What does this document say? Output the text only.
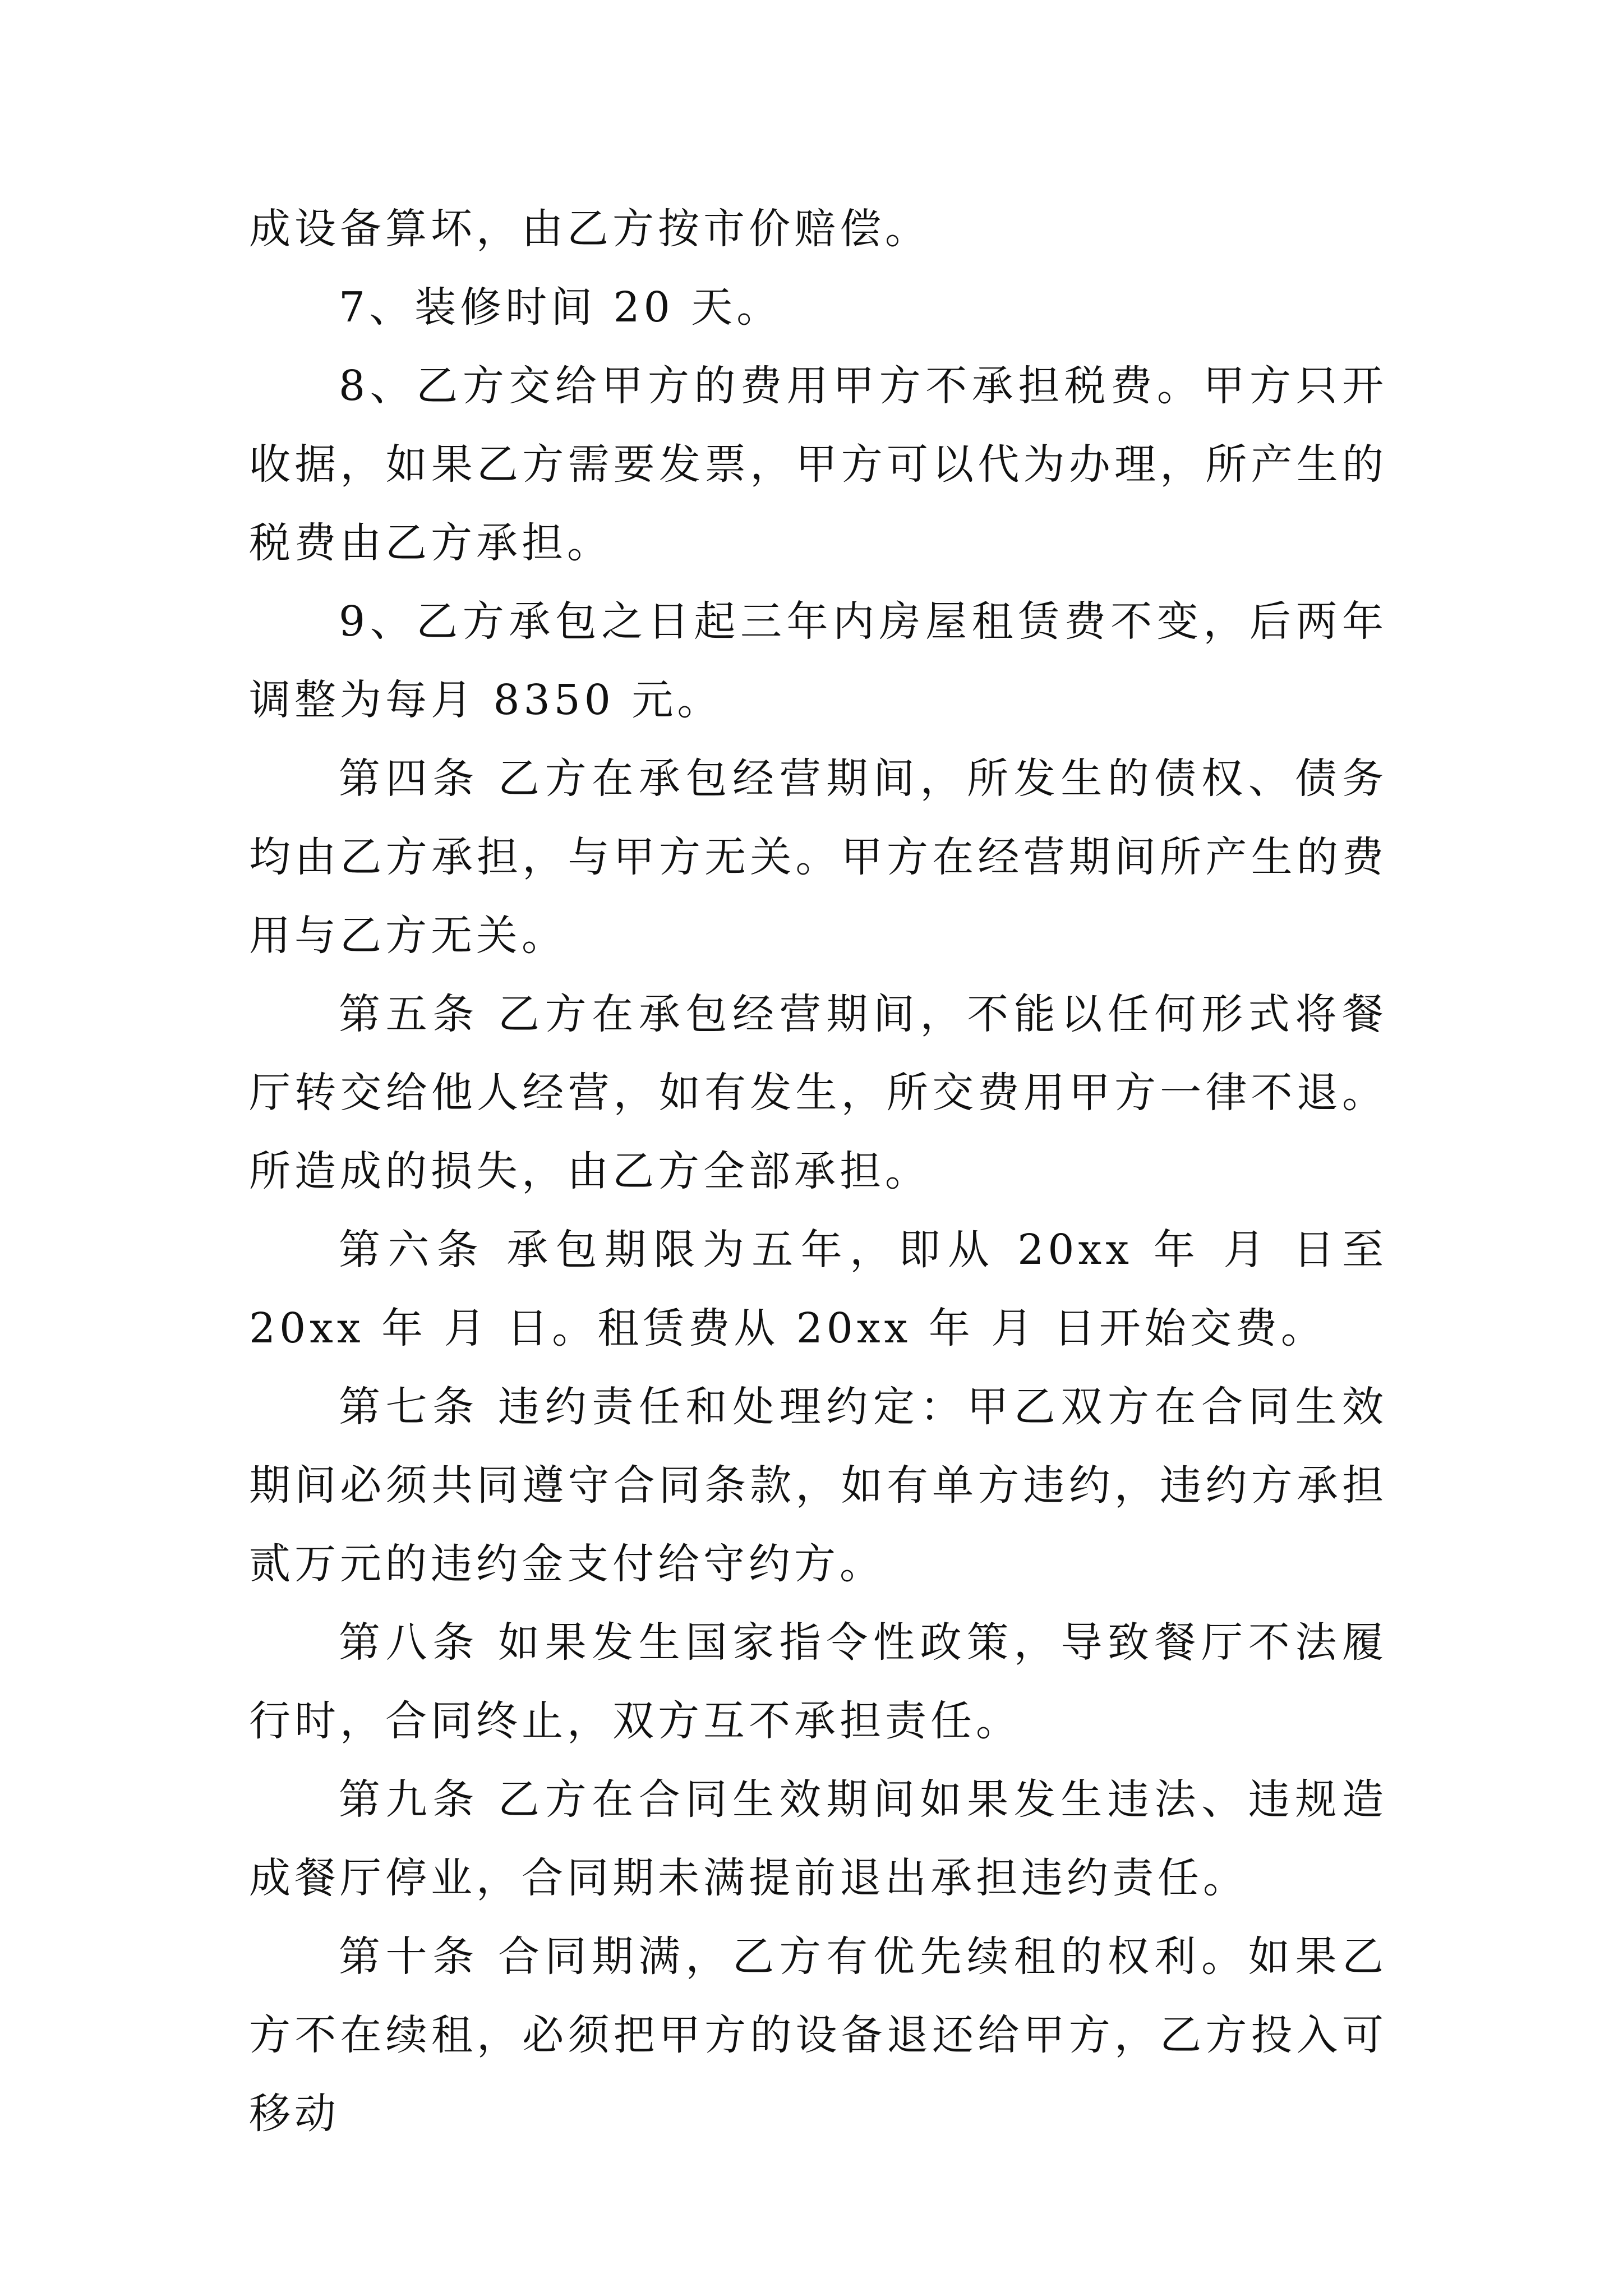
成设备算坏，由乙方按市价赔偿。

7、装修时间 20 天。

8、乙方交给甲方的费用甲方不承担税费。甲方只开收据，如果乙方需要发票，甲方可以代为办理，所产生的税费由乙方承担。

9、乙方承包之日起三年内房屋租赁费不变，后两年调整为每月 8350 元。

第四条 乙方在承包经营期间，所发生的债权、债务均由乙方承担，与甲方无关。甲方在经营期间所产生的费用与乙方无关。

第五条 乙方在承包经营期间，不能以任何形式将餐厅转交给他人经营，如有发生，所交费用甲方一律不退。所造成的损失，由乙方全部承担。

第六条 承包期限为五年，即从 20xx 年 月 日至 20xx 年 月 日。租赁费从 20xx 年 月 日开始交费。

第七条 违约责任和处理约定：甲乙双方在合同生效期间必须共同遵守合同条款，如有单方违约，违约方承担贰万元的违约金支付给守约方。

第八条 如果发生国家指令性政策，导致餐厅不法履行时，合同终止，双方互不承担责任。

第九条 乙方在合同生效期间如果发生违法、违规造成餐厅停业，合同期未满提前退出承担违约责任。

第十条 合同期满，乙方有优先续租的权利。如果乙方不在续租，必须把甲方的设备退还给甲方，乙方投入可移动
